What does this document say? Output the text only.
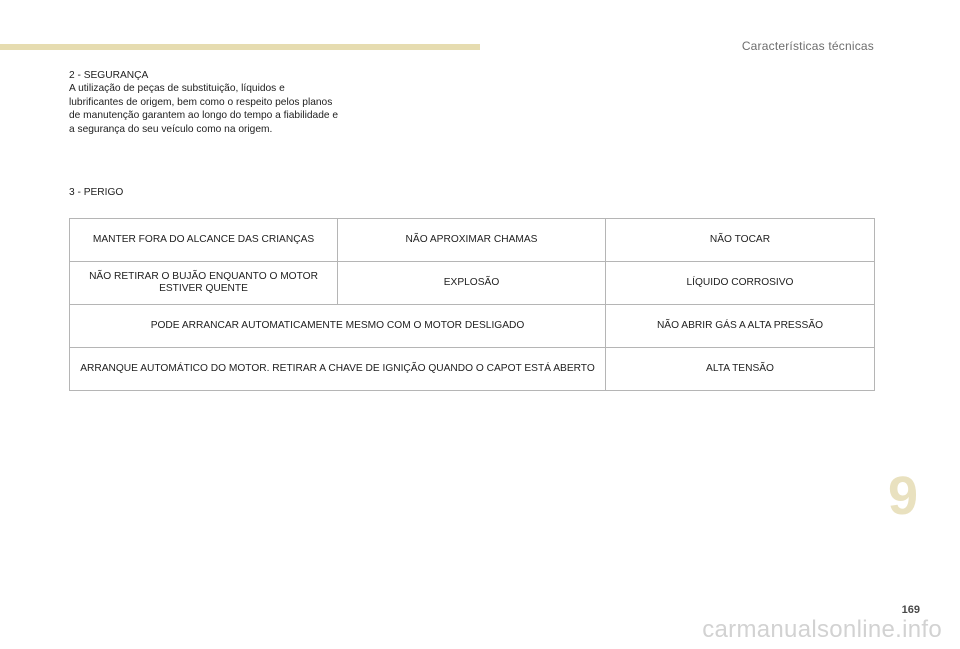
Características técnicas
2 - SEGURANÇA
A utilização de peças de substituição, líquidos e lubrificantes de origem, bem como o respeito pelos planos de manutenção garantem ao longo do tempo a fiabilidade e a segurança do seu veículo como na origem.
3 - PERIGO
MANTER FORA DO ALCANCE DAS CRIANÇAS	NÃO APROXIMAR CHAMAS	NÃO TOCAR
NÃO RETIRAR O BUJÃO ENQUANTO O MOTOR ESTIVER QUENTE	EXPLOSÃO	LÍQUIDO CORROSIVO
PODE ARRANCAR AUTOMATICAMENTE MESMO COM O MOTOR DESLIGADO		NÃO ABRIR GÁS A ALTA PRESSÃO
ARRANQUE AUTOMÁTICO DO MOTOR. RETIRAR A CHAVE DE IGNIÇÃO QUANDO O CAPOT ESTÁ ABERTO		ALTA TENSÃO
9
169
carmanualsonline.info
